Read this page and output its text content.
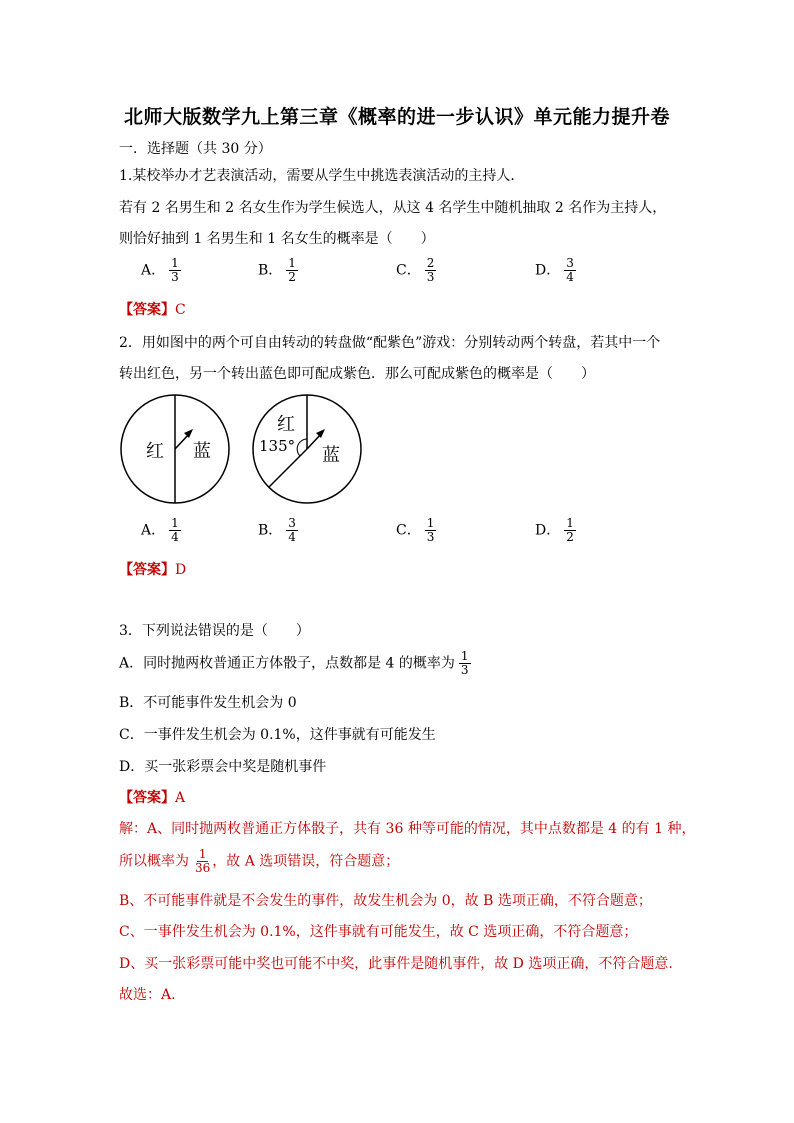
北师大版数学九上第三章《概率的进一步认识》单元能力提升卷
一．选择题（共 30 分）
1.某校举办才艺表演活动，需要从学生中挑选表演活动的主持人．
若有 2 名男生和 2 名女生作为学生候选人，从这 4 名学生中随机抽取 2 名作为主持人，
则恰好抽到 1 名男生和 1 名女生的概率是（　　）
A． $\frac{1}{3}$	B． $\frac{1}{2}$	C． $\frac{2}{3}$	D． $\frac{3}{4}$
【答案】C
2．用如图中的两个可自由转动的转盘做“配紫色”游戏：分别转动两个转盘，若其中一个
转出红色，另一个转出蓝色即可配成紫色．那么可配成紫色的概率是（　　）
红 蓝
红
135° 蓝
A． $\frac{1}{4}$	B． $\frac{3}{4}$	C． $\frac{1}{3}$	D． $\frac{1}{2}$
【答案】D
3．下列说法错误的是（　　）
A．同时抛两枚普通正方体骰子，点数都是 4 的概率为 $\frac{1}{3}$
B．不可能事件发生机会为 0
C．一事件发生机会为 0.1%，这件事就有可能发生
D．买一张彩票会中奖是随机事件
【答案】A
解：A、同时抛两枚普通正方体骰子，共有 36 种等可能的情况，其中点数都是 4 的有 1 种，
所以概率为 $\frac{1}{36}$ ，故 A 选项错误，符合题意；
B、不可能事件就是不会发生的事件，故发生机会为 0，故 B 选项正确，不符合题意；
C、一事件发生机会为 0.1%，这件事就有可能发生，故 C 选项正确，不符合题意；
D、买一张彩票可能中奖也可能不中奖，此事件是随机事件，故 D 选项正确，不符合题意.
故选：A.
